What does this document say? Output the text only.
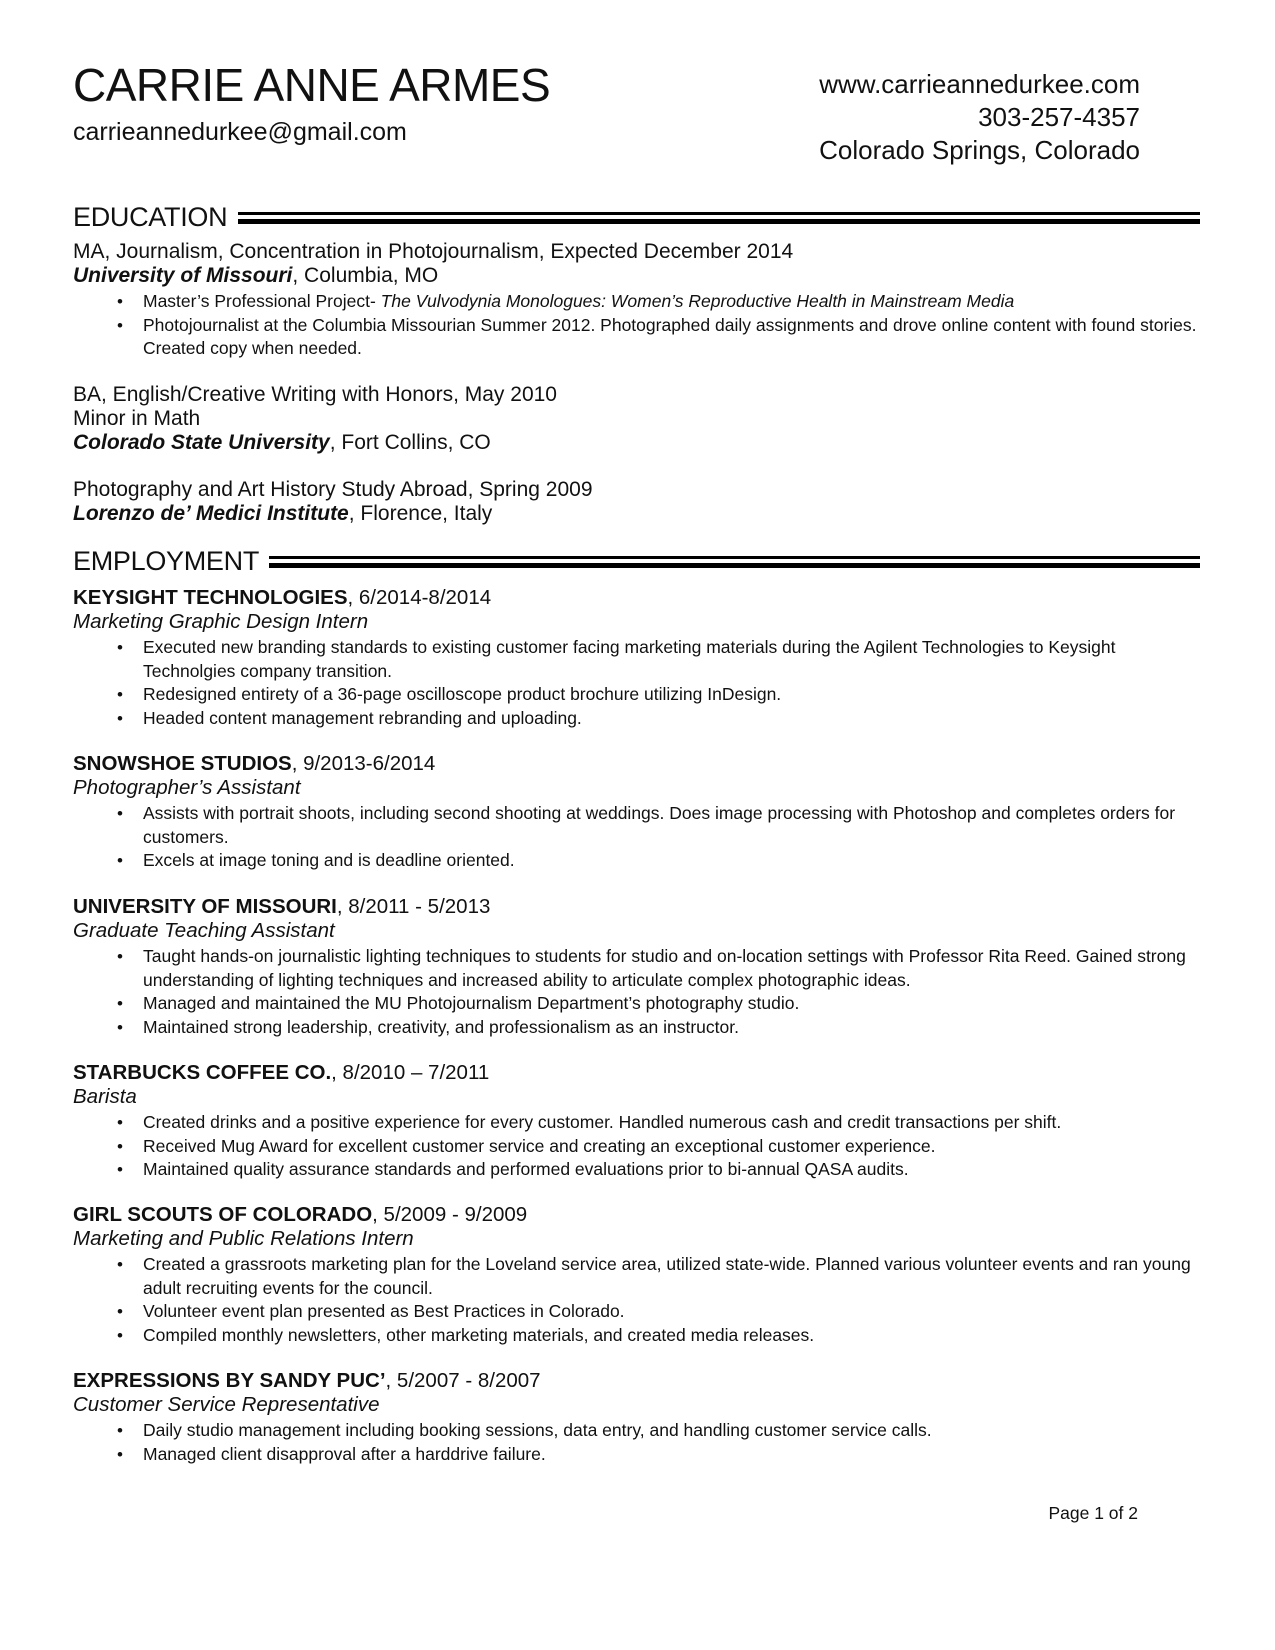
CARRIE ANNE ARMES
carrieannedurkee@gmail.com
www.carrieannedurkee.com
303-257-4357
Colorado Springs, Colorado
EDUCATION
MA, Journalism, Concentration in Photojournalism, Expected December 2014
University of Missouri, Columbia, MO
• Master’s Professional Project- The Vulvodynia Monologues: Women’s Reproductive Health in Mainstream Media
• Photojournalist at the Columbia Missourian Summer 2012. Photographed daily assignments and drove online content with found stories. Created copy when needed.
BA, English/Creative Writing with Honors, May 2010
Minor in Math
Colorado State University, Fort Collins, CO
Photography and Art History Study Abroad, Spring 2009
Lorenzo de’ Medici Institute, Florence, Italy
EMPLOYMENT
KEYSIGHT TECHNOLOGIES, 6/2014-8/2014
Marketing Graphic Design Intern
• Executed new branding standards to existing customer facing marketing materials during the Agilent Technologies to Keysight Technolgies company transition.
• Redesigned entirety of a 36-page oscilloscope product brochure utilizing InDesign.
• Headed content management rebranding and uploading.
SNOWSHOE STUDIOS, 9/2013-6/2014
Photographer’s Assistant
• Assists with portrait shoots, including second shooting at weddings. Does image processing with Photoshop and completes orders for customers.
• Excels at image toning and is deadline oriented.
UNIVERSITY OF MISSOURI, 8/2011 - 5/2013
Graduate Teaching Assistant
• Taught hands-on journalistic lighting techniques to students for studio and on-location settings with Professor Rita Reed. Gained strong understanding of lighting techniques and increased ability to articulate complex photographic ideas.
• Managed and maintained the MU Photojournalism Department’s photography studio.
• Maintained strong leadership, creativity, and professionalism as an instructor.
STARBUCKS COFFEE CO., 8/2010 – 7/2011
Barista
• Created drinks and a positive experience for every customer. Handled numerous cash and credit transactions per shift.
• Received Mug Award for excellent customer service and creating an exceptional customer experience.
• Maintained quality assurance standards and performed evaluations prior to bi-annual QASA audits.
GIRL SCOUTS OF COLORADO, 5/2009 - 9/2009
Marketing and Public Relations Intern
• Created a grassroots marketing plan for the Loveland service area, utilized state-wide. Planned various volunteer events and ran young adult recruiting events for the council.
• Volunteer event plan presented as Best Practices in Colorado.
• Compiled monthly newsletters, other marketing materials, and created media releases.
EXPRESSIONS BY SANDY PUC’, 5/2007 - 8/2007
Customer Service Representative
• Daily studio management including booking sessions, data entry, and handling customer service calls.
• Managed client disapproval after a harddrive failure.
Page 1 of 2
